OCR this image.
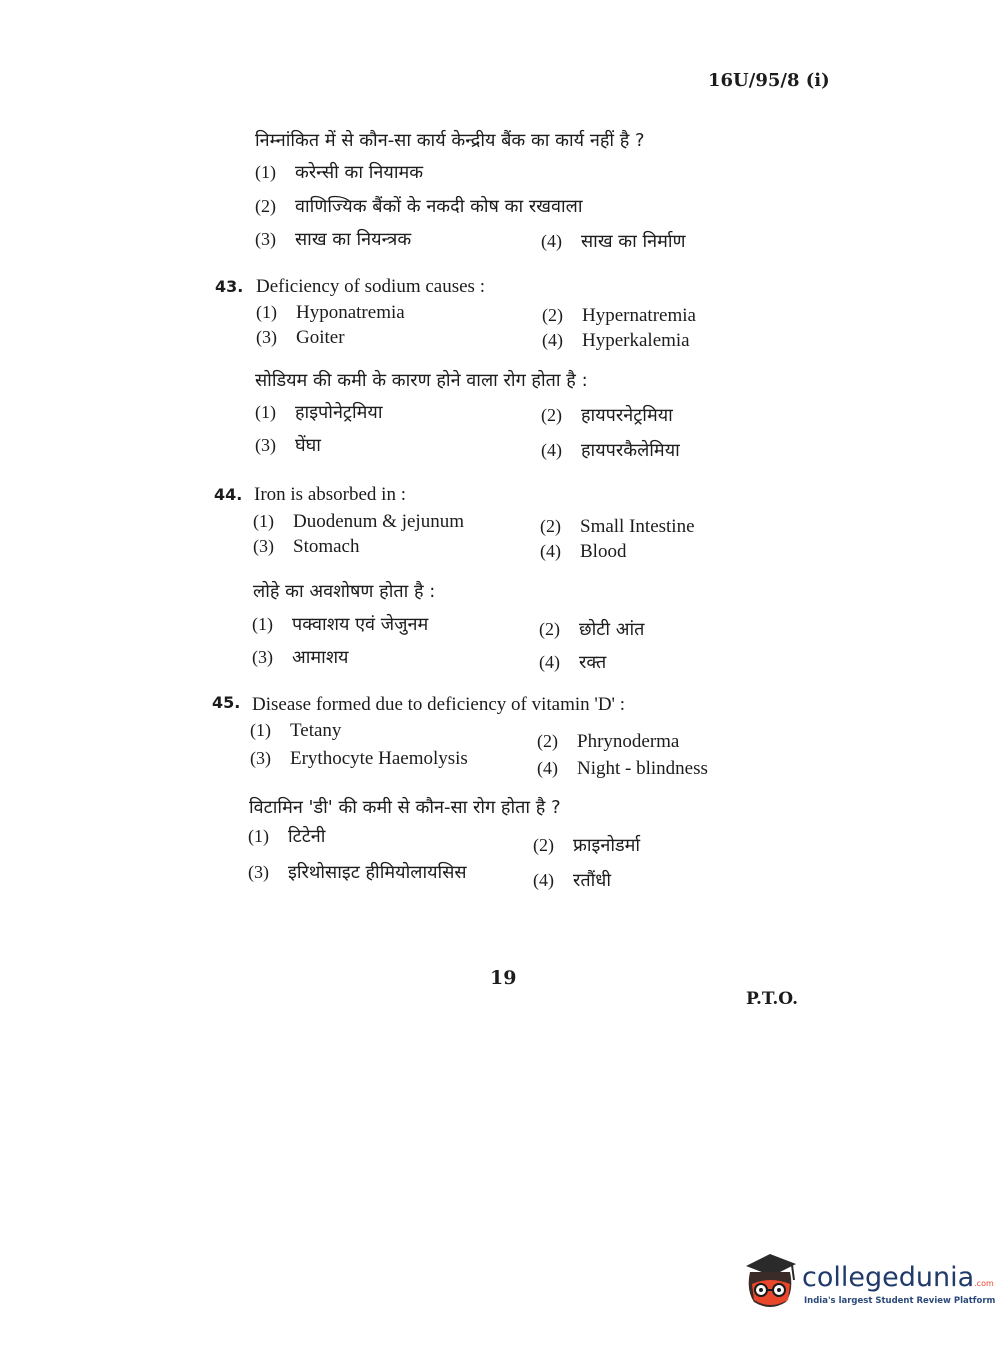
16U/95/8 (i)
निम्नांकित में से कौन-सा कार्य केन्द्रीय बैंक का कार्य नहीं है ?
(1) करेन्सी का नियामक
(2) वाणिज्यिक बैंकों के नकदी कोष का रखवाला
(3) साख का नियन्त्रक	(4) साख का निर्माण
43. Deficiency of sodium causes :
(1) Hyponatremia	(2) Hypernatremia
(3) Goiter	(4) Hyperkalemia
सोडियम की कमी के कारण होने वाला रोग होता है :
(1) हाइपोनेट्रमिया	(2) हायपरनेट्रमिया
(3) घेंघा	(4) हायपरकैलेमिया
44. Iron is absorbed in :
(1) Duodenum & jejunum	(2) Small Intestine
(3) Stomach	(4) Blood
लोहे का अवशोषण होता है :
(1) पक्वाशय एवं जेजुनम	(2) छोटी आंत
(3) आमाशय	(4) रक्त
45. Disease formed due to deficiency of vitamin 'D' :
(1) Tetany	(2) Phrynoderma
(3) Erythocyte Haemolysis	(4) Night - blindness
विटामिन 'डी' की कमी से कौन-सा रोग होता है ?
(1) टिटेनी	(2) फ्राइनोडर्मा
(3) इरिथोसाइट हीमियोलायसिस	(4) रतौंधी
19
P.T.O.
collegedunia.com
India's largest Student Review Platform
